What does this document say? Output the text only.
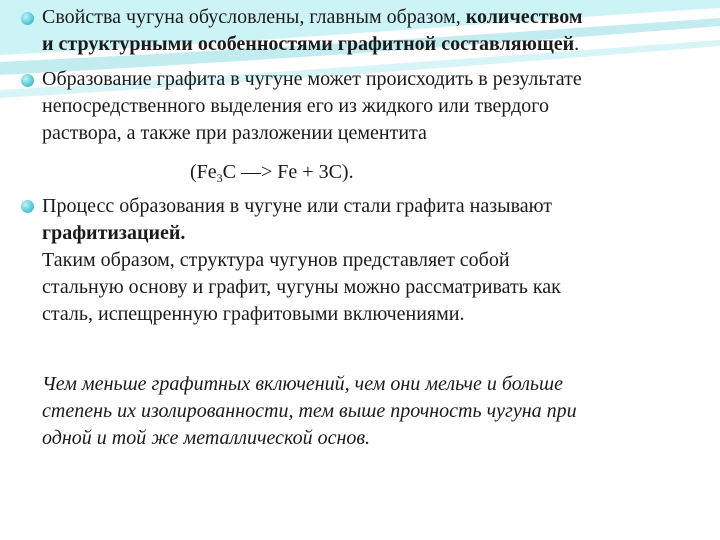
Свойства чугуна обусловлены, главным образом, количеством
и структурными особенностями графитной составляющей.
Образование графита в чугуне может происходить в результате
непосредственного выделения его из жидкого или твердого
раствора, а также при разложении цементита
($Fe_3C$ —> Fe + 3C).
Процесс образования в чугуне или стали графита называют
графитизацией.
Таким образом, структура чугунов представляет собой
стальную основу и графит, чугуны можно рассматривать как
сталь, испещренную графитовыми включениями.
Чем меньше графитных включений, чем они мельче и больше
степень их изолированности, тем выше прочность чугуна при
одной и той же металлической основ.
